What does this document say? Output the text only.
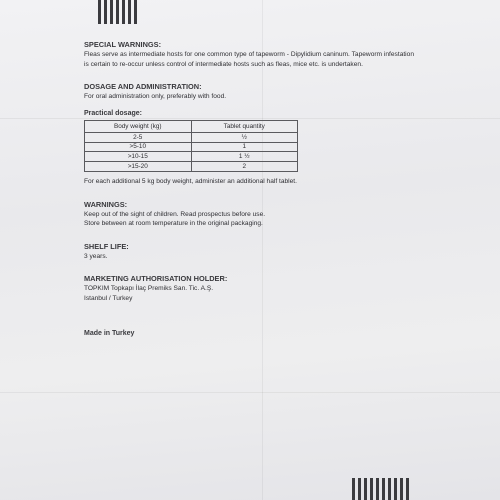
SPECIAL WARNINGS:

Fleas serve as intermediate hosts for one common type of tapeworm - Dipylidium caninum. Tapeworm infestation is certain to re-occur unless control of intermediate hosts such as fleas, mice etc. is undertaken.

DOSAGE AND ADMINISTRATION:

For oral administration only, preferably with food.

Practical dosage:
Body weight (kg)	Tablet quantity
2-5	½
>5-10	1
>10-15	1 ½
>15-20	2

For each additional 5 kg body weight, administer an additional half tablet.

WARNINGS:

Keep out of the sight of children. Read prospectus before use.

Store between at room temperature in the original packaging.

SHELF LIFE:

3 years.

MARKETING AUTHORISATION HOLDER:

TOPKIM Topkapı İlaç Premiks San. Tic. A.Ş.

Istanbul / Turkey

Made in Turkey
